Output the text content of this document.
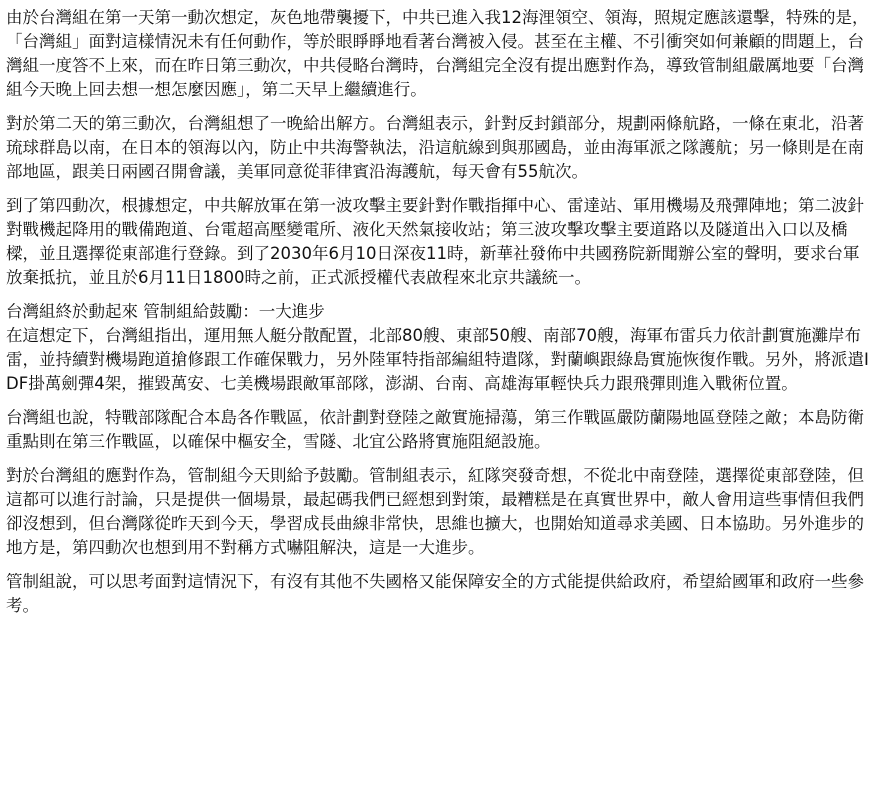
由於台灣組在第一天第一動次想定，灰色地帶襲擾下，中共已進入我12海浬領空、領海，照規定應該還擊，特殊的是，「台灣組」面對這樣情況未有任何動作，等於眼睜睜地看著台灣被入侵。甚至在主權、不引衝突如何兼顧的問題上，台灣組一度答不上來，而在昨日第三動次，中共侵略台灣時，台灣組完全沒有提出應對作為，導致管制組嚴厲地要「台灣組今天晚上回去想一想怎麼因應」，第二天早上繼續進行。

對於第二天的第三動次，台灣組想了一晚給出解方。台灣組表示，針對反封鎖部分，規劃兩條航路，一條在東北，沿著琉球群島以南，在日本的領海以內，防止中共海警執法，沿這航線到與那國島，並由海軍派之隊護航；另一條則是在南部地區，跟美日兩國召開會議，美軍同意從菲律賓沿海護航，每天會有55航次。

到了第四動次，根據想定，中共解放軍在第一波攻擊主要針對作戰指揮中心、雷達站、軍用機場及飛彈陣地；第二波針對戰機起降用的戰備跑道、台電超高壓變電所、液化天然氣接收站；第三波攻擊攻擊主要道路以及隧道出入口以及橋樑，並且選擇從東部進行登錄。到了2030年6月10日深夜11時，新華社發佈中共國務院新聞辦公室的聲明，要求台軍放棄抵抗，並且於6月11日1800時之前，正式派授權代表啟程來北京共議統一。

台灣組終於動起來 管制組給鼓勵：一大進步

在這想定下，台灣組指出，運用無人艇分散配置，北部80艘、東部50艘、南部70艘，海軍布雷兵力依計劃實施灘岸布雷，並持續對機場跑道搶修跟工作確保戰力，另外陸軍特指部編組特遣隊，對蘭嶼跟綠島實施恢復作戰。另外，將派遣IDF掛萬劍彈4架，摧毀萬安、七美機場跟敵軍部隊，澎湖、台南、高雄海軍輕快兵力跟飛彈則進入戰術位置。

台灣組也說，特戰部隊配合本島各作戰區，依計劃對登陸之敵實施掃蕩，第三作戰區嚴防蘭陽地區登陸之敵；本島防衛重點則在第三作戰區，以確保中樞安全，雪隧、北宜公路將實施阻絕設施。

對於台灣組的應對作為，管制組今天則給予鼓勵。管制組表示，紅隊突發奇想，不從北中南登陸，選擇從東部登陸，但這都可以進行討論，只是提供一個場景，最起碼我們已經想到對策，最糟糕是在真實世界中，敵人會用這些事情但我們卻沒想到，但台灣隊從昨天到今天，學習成長曲線非常快，思維也擴大，也開始知道尋求美國、日本協助。另外進步的地方是，第四動次也想到用不對稱方式嚇阻解決，這是一大進步。

管制組說，可以思考面對這情況下，有沒有其他不失國格又能保障安全的方式能提供給政府，希望給國軍和政府一些參考。
